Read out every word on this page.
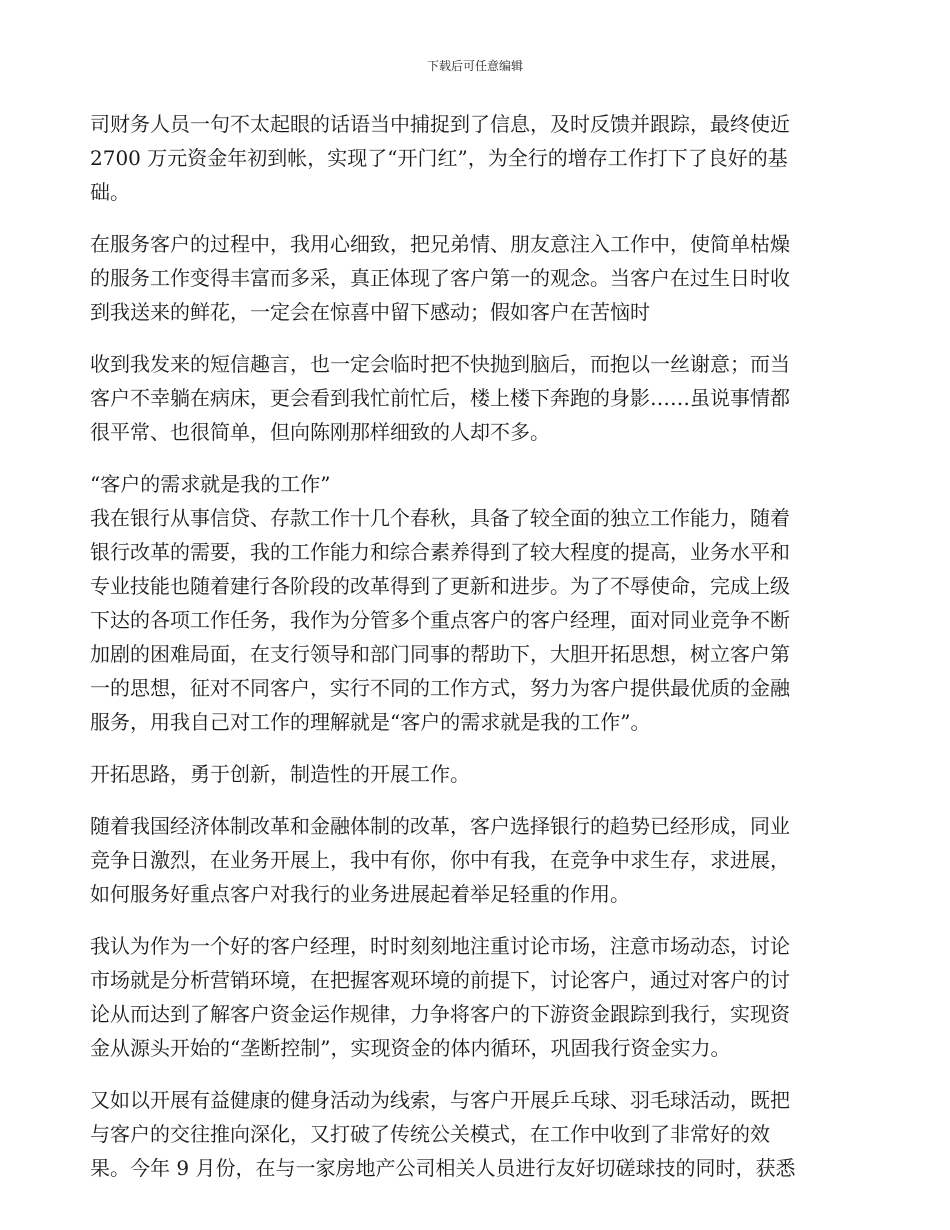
下载后可任意编辑

司财务人员一句不太起眼的话语当中捕捉到了信息，及时反馈并跟踪，最终使近
2700 万元资金年初到帐，实现了“开门红”，为全行的增存工作打下了良好的基
础。

在服务客户的过程中，我用心细致，把兄弟情、朋友意注入工作中，使简单枯燥
的服务工作变得丰富而多采，真正体现了客户第一的观念。当客户在过生日时收
到我送来的鲜花，一定会在惊喜中留下感动；假如客户在苦恼时

收到我发来的短信趣言，也一定会临时把不快抛到脑后，而抱以一丝谢意；而当
客户不幸躺在病床，更会看到我忙前忙后，楼上楼下奔跑的身影……虽说事情都
很平常、也很简单，但向陈刚那样细致的人却不多。

“客户的需求就是我的工作”

我在银行从事信贷、存款工作十几个春秋，具备了较全面的独立工作能力，随着
银行改革的需要，我的工作能力和综合素养得到了较大程度的提高，业务水平和
专业技能也随着建行各阶段的改革得到了更新和进步。为了不辱使命，完成上级
下达的各项工作任务，我作为分管多个重点客户的客户经理，面对同业竞争不断
加剧的困难局面，在支行领导和部门同事的帮助下，大胆开拓思想，树立客户第
一的思想，征对不同客户，实行不同的工作方式，努力为客户提供最优质的金融
服务，用我自己对工作的理解就是“客户的需求就是我的工作”。

开拓思路，勇于创新，制造性的开展工作。

随着我国经济体制改革和金融体制的改革，客户选择银行的趋势已经形成，同业
竞争日激烈，在业务开展上，我中有你，你中有我，在竞争中求生存，求进展，
如何服务好重点客户对我行的业务进展起着举足轻重的作用。

我认为作为一个好的客户经理，时时刻刻地注重讨论市场，注意市场动态，讨论
市场就是分析营销环境，在把握客观环境的前提下，讨论客户，通过对客户的讨
论从而达到了解客户资金运作规律，力争将客户的下游资金跟踪到我行，实现资
金从源头开始的“垄断控制”，实现资金的体内循环，巩固我行资金实力。

又如以开展有益健康的健身活动为线索，与客户开展乒乓球、羽毛球活动，既把
与客户的交往推向深化，又打破了传统公关模式，在工作中收到了非常好的效
果。今年 9 月份，在与一家房地产公司相关人员进行友好切磋球技的同时，获悉
